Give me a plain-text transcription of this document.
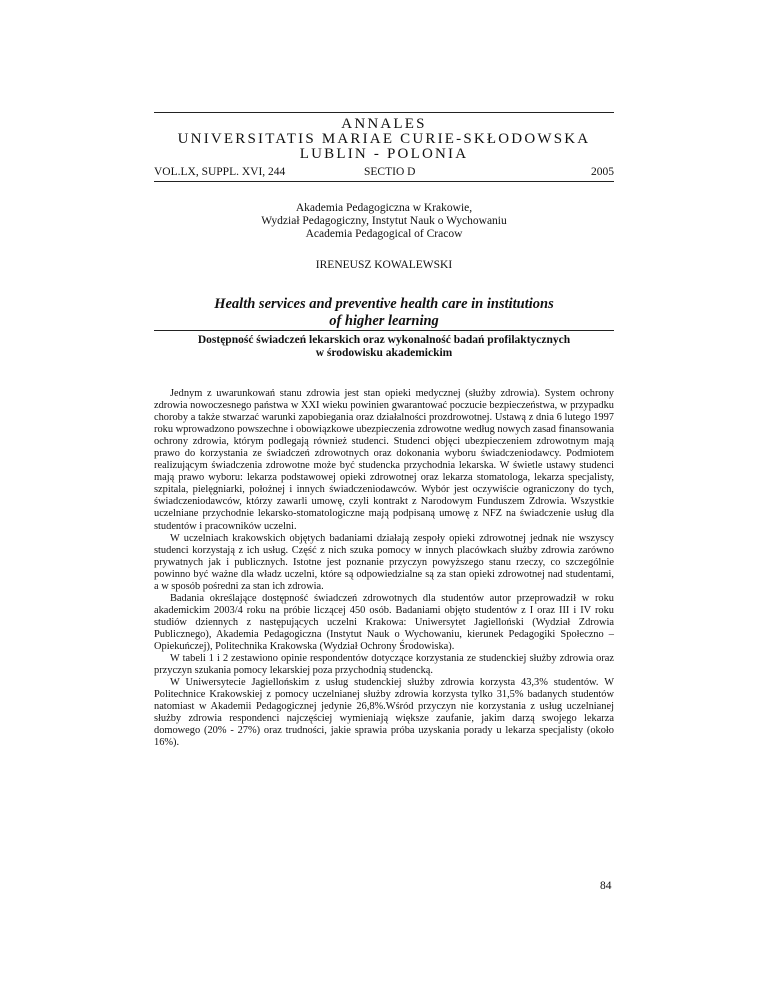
ANNALES
UNIVERSITATIS MARIAE CURIE-SKŁODOWSKA
LUBLIN - POLONIA
VOL.LX, SUPPL. XVI, 244	SECTIO D	2005
Akademia Pedagogiczna w Krakowie,
Wydział Pedagogiczny, Instytut Nauk o Wychowaniu
Academia Pedagogical of Cracow
IRENEUSZ KOWALEWSKI
Health services and preventive health care in institutions
of higher learning
Dostępność świadczeń lekarskich oraz wykonalność badań profilaktycznych
w środowisku akademickim

Jednym z uwarunkowań stanu zdrowia jest stan opieki medycznej (służby zdrowia). System ochrony zdrowia nowoczesnego państwa w XXI wieku powinien gwarantować poczucie bezpieczeństwa, w przypadku choroby a także stwarzać warunki zapobiegania oraz działalności prozdrowotnej. Ustawą z dnia 6 lutego 1997 roku wprowadzono powszechne i obowiązkowe ubezpieczenia zdrowotne według nowych zasad finansowania ochrony zdrowia, którym podlegają również studenci. Studenci objęci ubezpieczeniem zdrowotnym mają prawo do korzystania ze świadczeń zdrowotnych oraz dokonania wyboru świadczeniodawcy. Podmiotem realizującym świadczenia zdrowotne może być studencka przychodnia lekarska. W świetle ustawy studenci mają prawo wyboru: lekarza podstawowej opieki zdrowotnej oraz lekarza stomatologa, lekarza specjalisty, szpitala, pielęgniarki, położnej i innych świadczeniodawców. Wybór jest oczywiście ograniczony do tych, świadczeniodawców, którzy zawarli umowę, czyli kontrakt z Narodowym Funduszem Zdrowia. Wszystkie uczelniane przychodnie lekarsko-stomatologiczne mają podpisaną umowę z NFZ na świadczenie usług dla studentów i pracowników uczelni.

W uczelniach krakowskich objętych badaniami działają zespoły opieki zdrowotnej jednak nie wszyscy studenci korzystają z ich usług. Część z nich szuka pomocy w innych placówkach służby zdrowia zarówno prywatnych jak i publicznych. Istotne jest poznanie przyczyn powyższego stanu rzeczy, co szczególnie powinno być ważne dla władz uczelni, które są odpowiedzialne są za stan opieki zdrowotnej nad studentami, a w sposób pośredni za stan ich zdrowia.

Badania określające dostępność świadczeń zdrowotnych dla studentów autor przeprowadził w roku akademickim 2003/4 roku na próbie liczącej 450 osób. Badaniami objęto studentów z I oraz III i IV roku studiów dziennych z następujących uczelni Krakowa: Uniwersytet Jagielloński (Wydział Zdrowia Publicznego), Akademia Pedagogiczna (Instytut Nauk o Wychowaniu, kierunek Pedagogiki Społeczno – Opiekuńczej), Politechnika Krakowska (Wydział Ochrony Środowiska).

W tabeli 1 i 2 zestawiono opinie respondentów dotyczące korzystania ze studenckiej służby zdrowia oraz przyczyn szukania pomocy lekarskiej poza przychodnią studencką.

W Uniwersytecie Jagiellońskim z usług studenckiej służby zdrowia korzysta 43,3% studentów. W Politechnice Krakowskiej z pomocy uczelnianej służby zdrowia korzysta tylko 31,5% badanych studentów natomiast w Akademii Pedagogicznej jedynie 26,8%.Wśród przyczyn nie korzystania z usług uczelnianej służby zdrowia respondenci najczęściej wymieniają większe zaufanie, jakim darzą swojego lekarza domowego (20% - 27%) oraz trudności, jakie sprawia próba uzyskania porady u lekarza specjalisty (około 16%).

84
